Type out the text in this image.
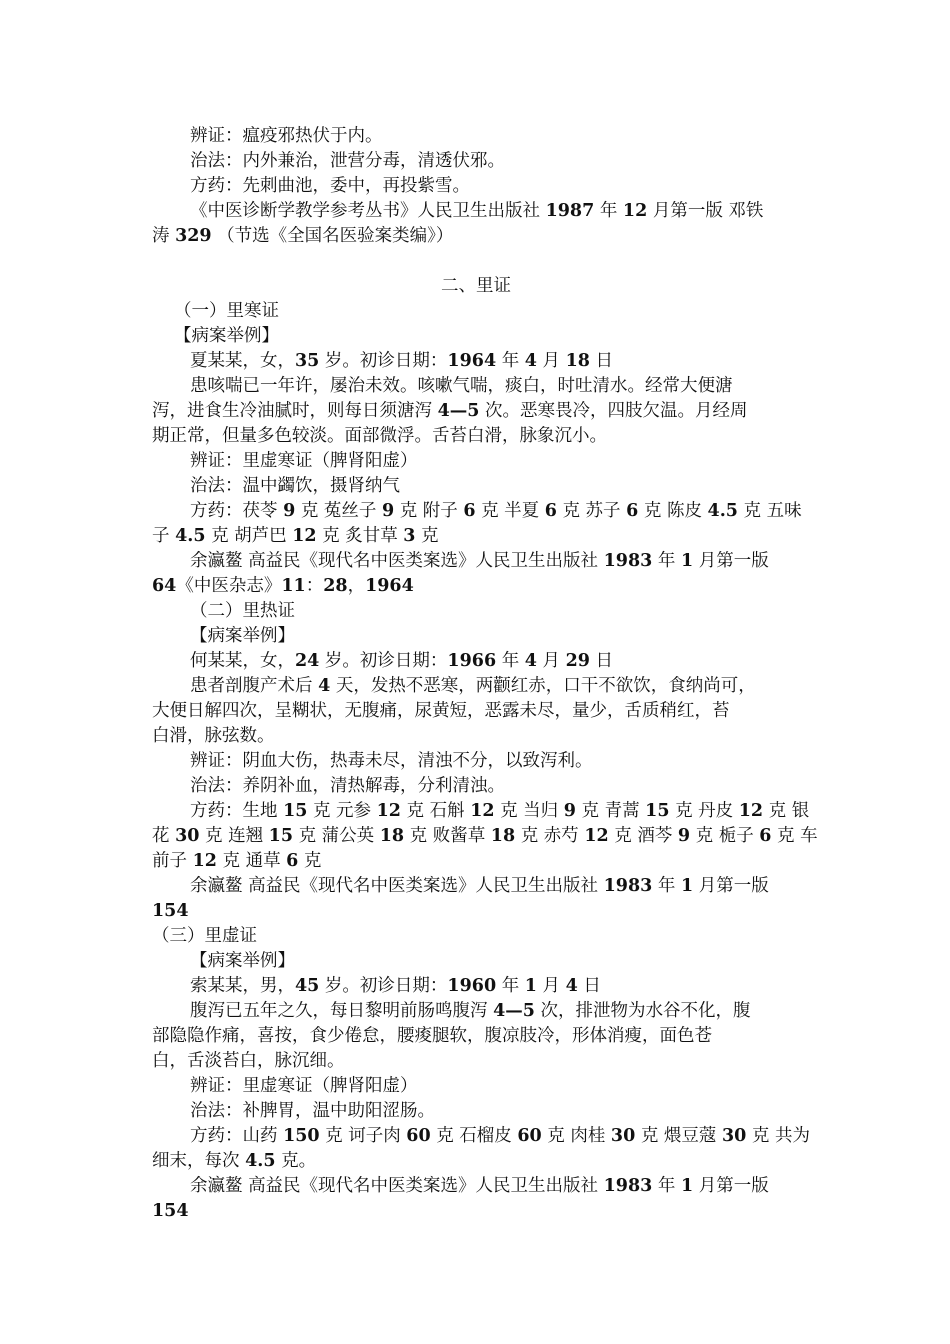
辨证：瘟疫邪热伏于内。
治法：内外兼治，泄营分毒，清透伏邪。
方药：先刺曲池，委中，再投紫雪。
《中医诊断学教学参考丛书》人民卫生出版社 1987 年 12 月第一版 邓铁
涛 329 （节选《全国名医验案类编》）
二、里证
（一）里寒证
【病案举例】
夏某某，女，35 岁。初诊日期：1964 年 4 月 18 日
患咳喘已一年许，屡治未效。咳嗽气喘，痰白，时吐清水。经常大便溏
泻，进食生冷油腻时，则每日须溏泻 4—5 次。恶寒畏冷，四肢欠温。月经周
期正常，但量多色较淡。面部微浮。舌苔白滑，脉象沉小。
辨证：里虚寒证（脾肾阳虚）
治法：温中蠲饮，摄肾纳气
方药：茯苓 9 克 菟丝子 9 克 附子 6 克 半夏 6 克 苏子 6 克 陈皮 4.5 克 五味
子 4.5 克 胡芦巴 12 克 炙甘草 3 克
余瀛鳌 高益民《现代名中医类案选》人民卫生出版社 1983 年 1 月第一版
64《中医杂志》11：28，1964
（二）里热证
【病案举例】
何某某，女，24 岁。初诊日期：1966 年 4 月 29 日
患者剖腹产术后 4 天，发热不恶寒，两颧红赤，口干不欲饮，食纳尚可，
大便日解四次，呈糊状，无腹痛，尿黄短，恶露未尽，量少，舌质稍红，苔
白滑，脉弦数。
辨证：阴血大伤，热毒未尽，清浊不分，以致泻利。
治法：养阴补血，清热解毒，分利清浊。
方药：生地 15 克 元参 12 克 石斛 12 克 当归 9 克 青蒿 15 克 丹皮 12 克 银
花 30 克 连翘 15 克 蒲公英 18 克 败酱草 18 克 赤芍 12 克 酒芩 9 克 栀子 6 克 车
前子 12 克 通草 6 克
余瀛鳌 高益民《现代名中医类案选》人民卫生出版社 1983 年 1 月第一版
154
（三）里虚证
【病案举例】
索某某，男，45 岁。初诊日期：1960 年 1 月 4 日
腹泻已五年之久，每日黎明前肠鸣腹泻 4—5 次，排泄物为水谷不化，腹
部隐隐作痛，喜按，食少倦怠，腰痠腿软，腹凉肢冷，形体消瘦，面色苍
白，舌淡苔白，脉沉细。
辨证：里虚寒证（脾肾阳虚）
治法：补脾胃，温中助阳涩肠。
方药：山药 150 克 诃子肉 60 克 石榴皮 60 克 肉桂 30 克 煨豆蔻 30 克 共为
细末，每次 4.5 克。
余瀛鳌 高益民《现代名中医类案选》人民卫生出版社 1983 年 1 月第一版
154
